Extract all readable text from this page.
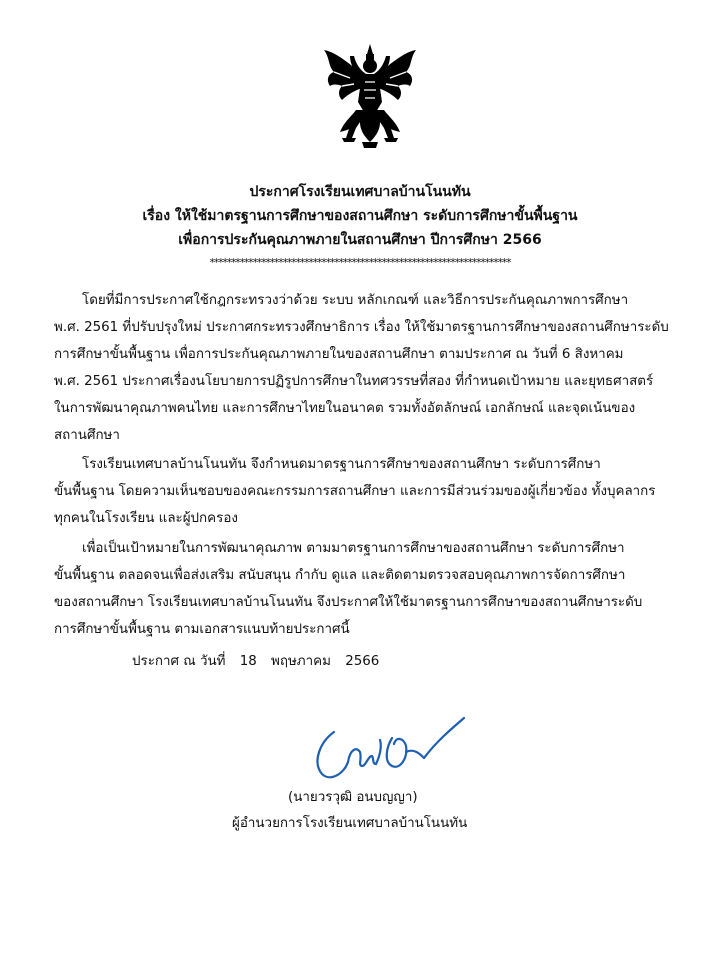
ประกาศโรงเรียนเทศบาลบ้านโนนทัน
เรื่อง ให้ใช้มาตรฐานการศึกษาของสถานศึกษา ระดับการศึกษาขั้นพื้นฐาน
เพื่อการประกันคุณภาพภายในสถานศึกษา ปีการศึกษา 2566
**********************************************************************
โดยที่มีการประกาศใช้กฎกระทรวงว่าด้วย ระบบ หลักเกณฑ์ และวิธีการประกันคุณภาพการศึกษา
พ.ศ. 2561 ที่ปรับปรุงใหม่ ประกาศกระทรวงศึกษาธิการ เรื่อง ให้ใช้มาตรฐานการศึกษาของสถานศึกษาระดับ
การศึกษาขั้นพื้นฐาน เพื่อการประกันคุณภาพภายในของสถานศึกษา ตามประกาศ ณ วันที่ 6 สิงหาคม
พ.ศ. 2561 ประกาศเรื่องนโยบายการปฏิรูปการศึกษาในทศวรรษที่สอง ที่กำหนดเป้าหมาย และยุทธศาสตร์
ในการพัฒนาคุณภาพคนไทย และการศึกษาไทยในอนาคต รวมทั้งอัตลักษณ์ เอกลักษณ์ และจุดเน้นของ
สถานศึกษา
โรงเรียนเทศบาลบ้านโนนทัน จึงกำหนดมาตรฐานการศึกษาของสถานศึกษา ระดับการศึกษา
ขั้นพื้นฐาน โดยความเห็นชอบของคณะกรรมการสถานศึกษา และการมีส่วนร่วมของผู้เกี่ยวข้อง ทั้งบุคลากร
ทุกคนในโรงเรียน และผู้ปกครอง
เพื่อเป็นเป้าหมายในการพัฒนาคุณภาพ ตามมาตรฐานการศึกษาของสถานศึกษา ระดับการศึกษา
ขั้นพื้นฐาน ตลอดจนเพื่อส่งเสริม สนับสนุน กำกับ ดูแล และติดตามตรวจสอบคุณภาพการจัดการศึกษา
ของสถานศึกษา โรงเรียนเทศบาลบ้านโนนทัน จึงประกาศให้ใช้มาตรฐานการศึกษาของสถานศึกษาระดับ
การศึกษาขั้นพื้นฐาน ตามเอกสารแนบท้ายประกาศนี้
ประกาศ ณ วันที่ 18 พฤษภาคม 2566
(นายวรวุฒิ อนบญญา)
ผู้อำนวยการโรงเรียนเทศบาลบ้านโนนทัน
